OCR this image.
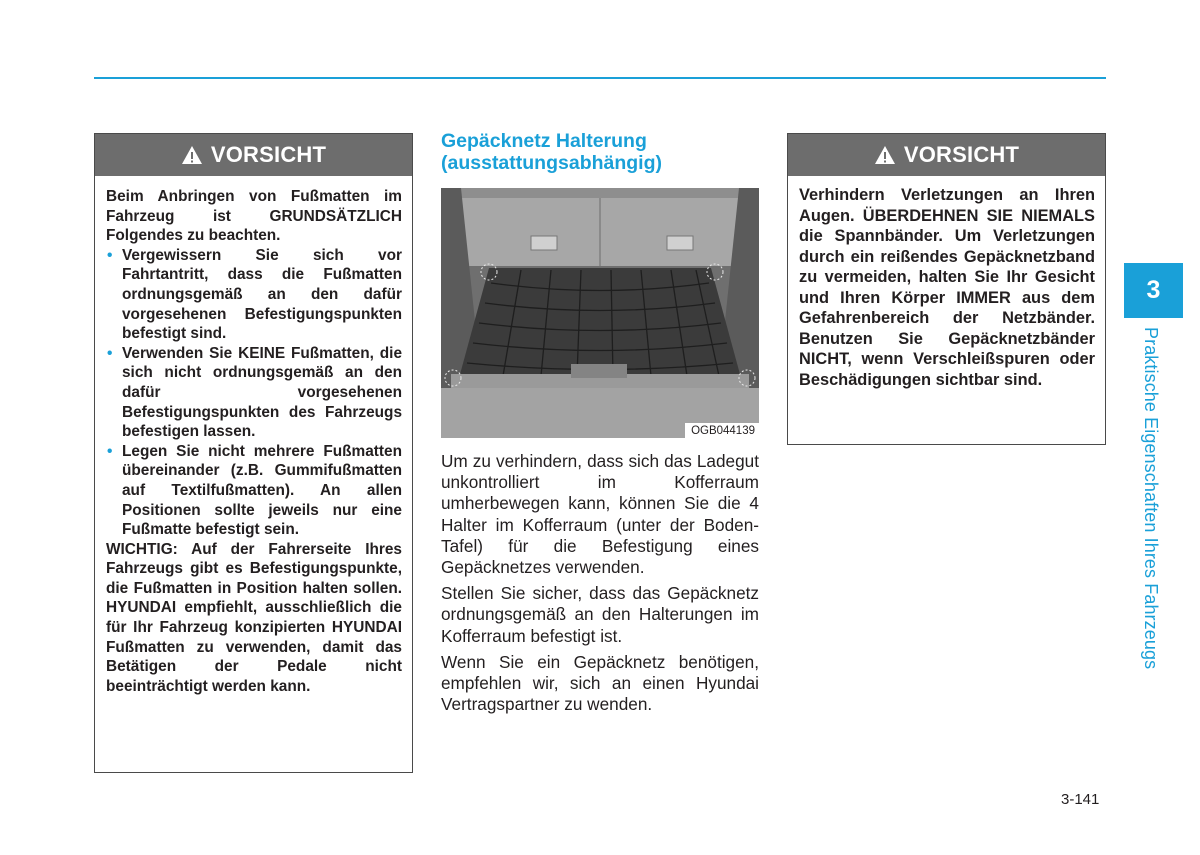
VORSICHT

Beim Anbringen von Fußmatten im Fahrzeug ist GRUNDSÄTZLICH Folgendes zu beachten.

• Vergewissern Sie sich vor Fahrtantritt, dass die Fußmatten ordnungsgemäß an den dafür vorgesehenen Befestigungspunkten befestigt sind.
• Verwenden Sie KEINE Fußmatten, die sich nicht ordnungsgemäß an den dafür vorgesehenen Befestigungspunkten des Fahrzeugs befestigen lassen.
• Legen Sie nicht mehrere Fußmatten übereinander (z.B. Gummifußmatten auf Textilfußmatten). An allen Positionen sollte jeweils nur eine Fußmatte befestigt sein.

WICHTIG: Auf der Fahrerseite Ihres Fahrzeugs gibt es Befestigungspunkte, die Fußmatten in Position halten sollen. HYUNDAI empfiehlt, ausschließlich die für Ihr Fahrzeug konzipierten HYUNDAI Fußmatten zu verwenden, damit das Betätigen der Pedale nicht beeinträchtigt werden kann.

Gepäcknetz Halterung (ausstattungsabhängig)
OGB044139

Um zu verhindern, dass sich das Ladegut unkontrolliert im Kofferraum umherbewegen kann, können Sie die 4 Halter im Kofferraum (unter der Boden-Tafel) für die Befestigung eines Gepäcknetzes verwenden.

Stellen Sie sicher, dass das Gepäcknetz ordnungsgemäß an den Halterungen im Kofferraum befestigt ist.

Wenn Sie ein Gepäcknetz benötigen, empfehlen wir, sich an einen Hyundai Vertragspartner zu wenden.

VORSICHT

Verhindern Verletzungen an Ihren Augen. ÜBERDEHNEN SIE NIEMALS die Spannbänder. Um Verletzungen durch ein reißendes Gepäcknetzband zu vermeiden, halten Sie Ihr Gesicht und Ihren Körper IMMER aus dem Gefahrenbereich der Netzbänder. Benutzen Sie Gepäcknetzbänder NICHT, wenn Verschleißspuren oder Beschädigungen sichtbar sind.

3
Praktische Eigenschaften Ihres Fahrzeugs
3-141
